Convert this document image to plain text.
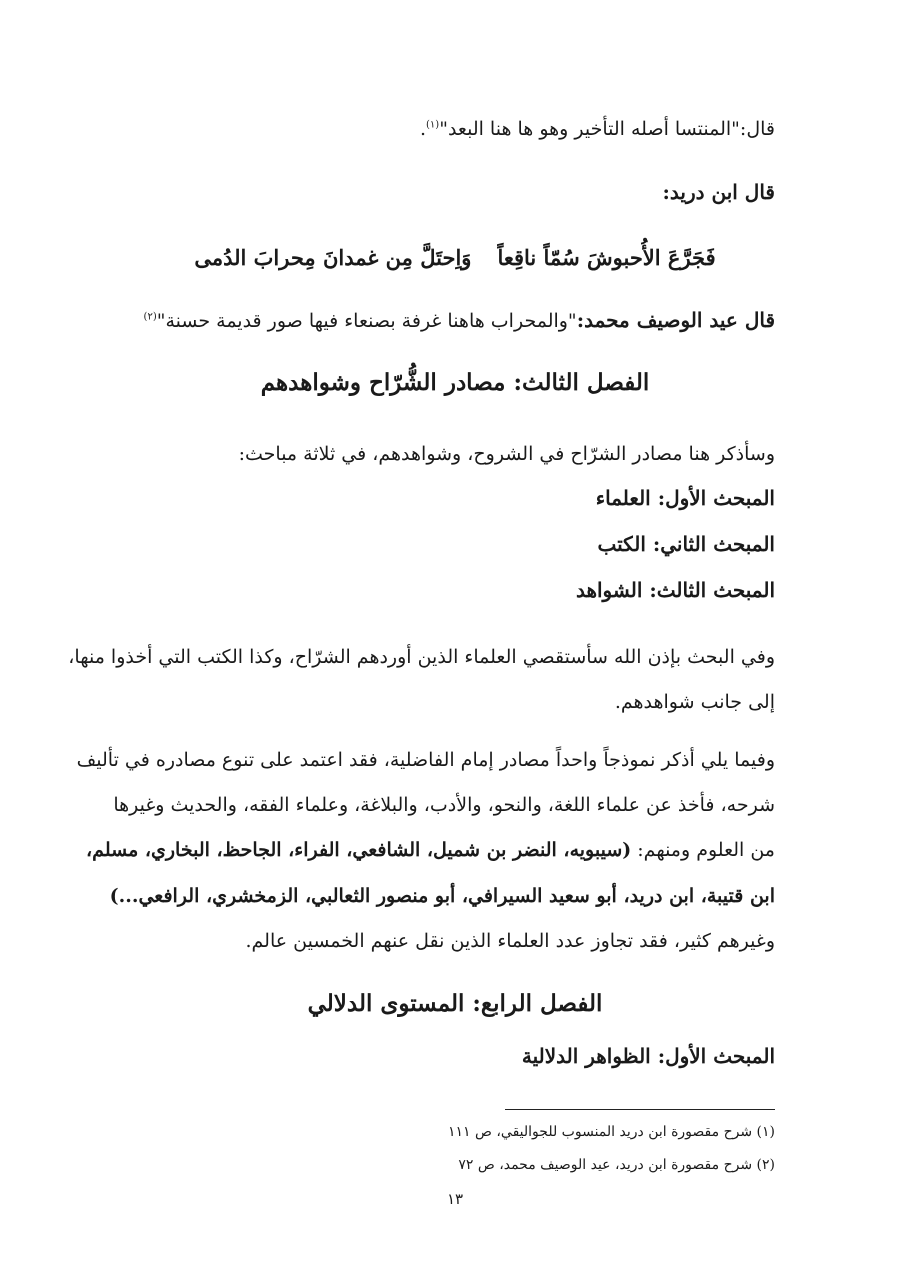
قال:"المنتسا أصله التأخير وهو ها هنا البعد"$^{(١)}$.
قال ابن دريد:
فَجَرَّعَ الأُحبوشَ سُمّاً ناقِعاًوَاِحتَلَّ مِن غمدانَ مِحرابَ الدُمى
قال عيد الوصيف محمد:"والمحراب هاهنا غرفة بصنعاء فيها صور قديمة حسنة"$^{(٢)}$
الفصل الثالث: مصادر الشُّرّاح وشواهدهم
وسأذكر هنا مصادر الشرّاح في الشروح، وشواهدهم، في ثلاثة مباحث:
المبحث الأول: العلماء
المبحث الثاني: الكتب
المبحث الثالث: الشواهد
وفي البحث بإذن الله سأستقصي العلماء الذين أوردهم الشرّاح، وكذا الكتب التي أخذوا منها،
إلى جانب شواهدهم.
وفيما يلي أذكر نموذجاً واحداً مصادر إمام الفاضلية، فقد اعتمد على تنوع مصادره في تأليف
شرحه، فأخذ عن علماء اللغة، والنحو، والأدب، والبلاغة، وعلماء الفقه، والحديث وغيرها
من العلوم ومنهم: (سيبويه، النضر بن شميل، الشافعي، الفراء، الجاحظ، البخاري، مسلم،
ابن قتيبة، ابن دريد، أبو سعيد السيرافي، أبو منصور الثعالبي، الزمخشري، الرافعي...)
وغيرهم كثير، فقد تجاوز عدد العلماء الذين نقل عنهم الخمسين عالم.
الفصل الرابع: المستوى الدلالي
المبحث الأول: الظواهر الدلالية
(١) شرح مقصورة ابن دريد المنسوب للجواليقي، ص ١١١
(٢) شرح مقصورة ابن دريد، عيد الوصيف محمد، ص ٧٢
١٣
